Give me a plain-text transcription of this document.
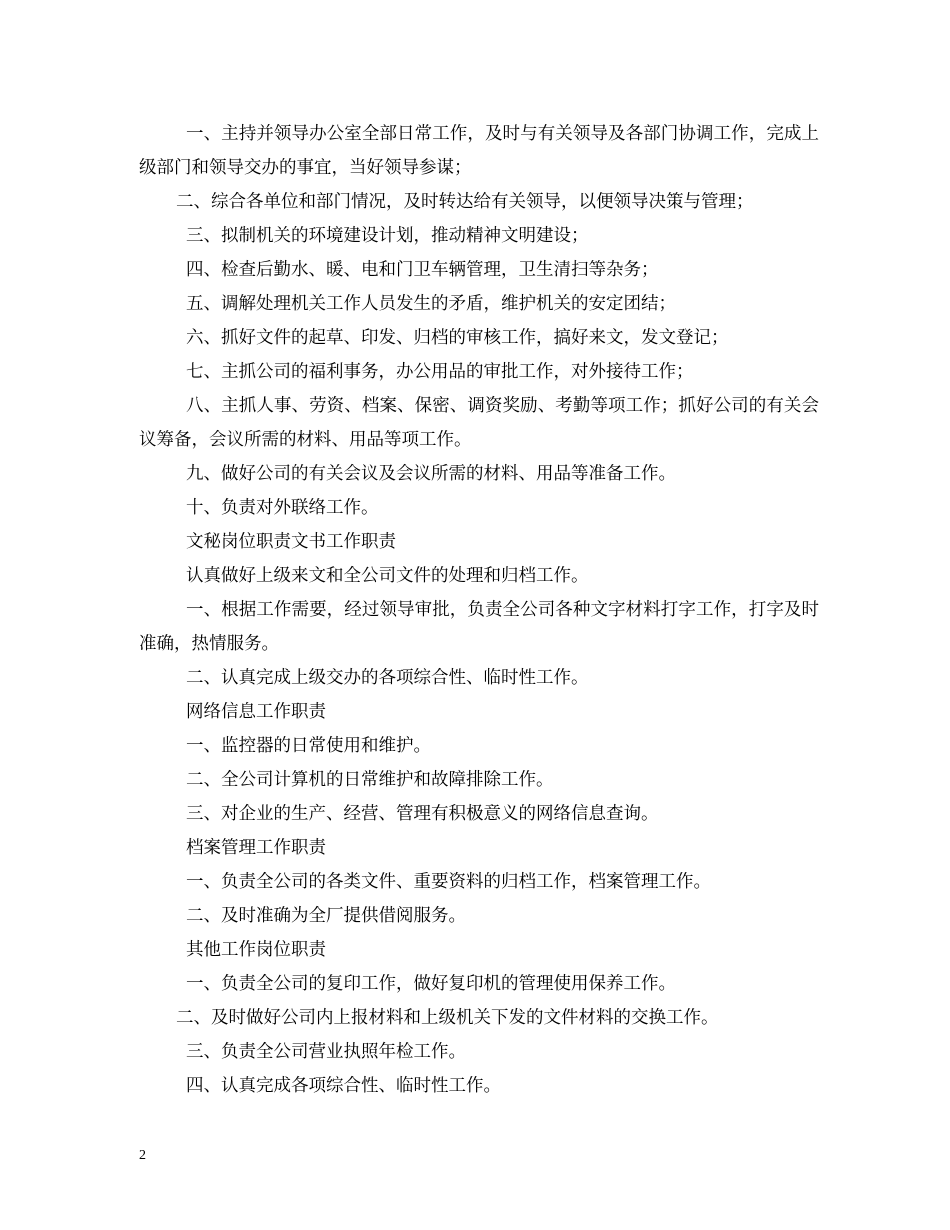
一、主持并领导办公室全部日常工作，及时与有关领导及各部门协调工作，完成上级部门和领导交办的事宜，当好领导参谋；

二、综合各单位和部门情况，及时转达给有关领导，以便领导决策与管理；

三、拟制机关的环境建设计划，推动精神文明建设；

四、检查后勤水、暖、电和门卫车辆管理，卫生清扫等杂务；

五、调解处理机关工作人员发生的矛盾，维护机关的安定团结；

六、抓好文件的起草、印发、归档的审核工作，搞好来文，发文登记；

七、主抓公司的福利事务，办公用品的审批工作，对外接待工作；

八、主抓人事、劳资、档案、保密、调资奖励、考勤等项工作；抓好公司的有关会议筹备，会议所需的材料、用品等项工作。

九、做好公司的有关会议及会议所需的材料、用品等准备工作。

十、负责对外联络工作。

文秘岗位职责文书工作职责

认真做好上级来文和全公司文件的处理和归档工作。

一、根据工作需要，经过领导审批，负责全公司各种文字材料打字工作，打字及时准确，热情服务。

二、认真完成上级交办的各项综合性、临时性工作。

网络信息工作职责

一、监控器的日常使用和维护。

二、全公司计算机的日常维护和故障排除工作。

三、对企业的生产、经营、管理有积极意义的网络信息查询。

档案管理工作职责

一、负责全公司的各类文件、重要资料的归档工作，档案管理工作。

二、及时准确为全厂提供借阅服务。

其他工作岗位职责

一、负责全公司的复印工作，做好复印机的管理使用保养工作。

二、及时做好公司内上报材料和上级机关下发的文件材料的交换工作。

三、负责全公司营业执照年检工作。

四、认真完成各项综合性、临时性工作。

2
